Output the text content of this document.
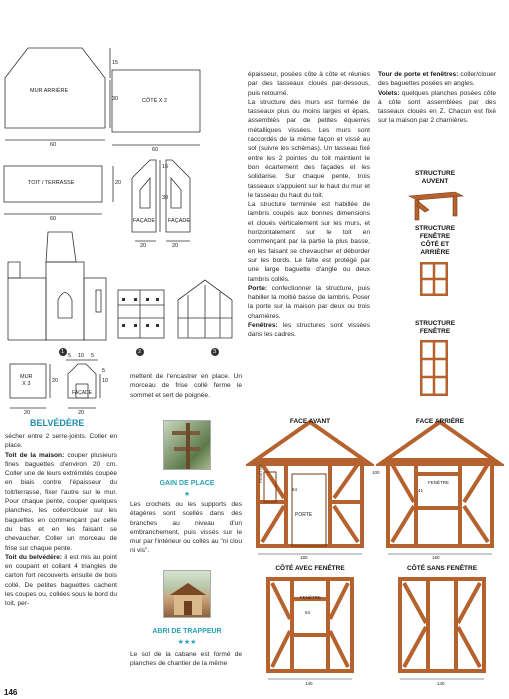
MUR ARRIÈRE
CÔTÉ X 2
TOIT / TERRASSE
FAÇADE FAÇADE
60
60
60
15
30
20
20	20
30
16
1	2	3
MUR
X 3
FAÇADE
20	20
20
5 10 5
5
10
BELVÉDÈRE

sécher entre 2 serre-joints. Coller en place.

Toit de la maison: couper plusieurs fines baguettes d'environ 20 cm. Coller une de leurs extrémités coupée en biais contre l'épaisseur du toit/terrasse, fixer l'autre sur le mur. Pour chaque pente, couper quelques planches, les coller/clouer sur les baguettes en commençant par celle du bas et en les faisant se chevaucher. Coller un morceau de frise sur chaque pente.

Toit du belvédère: il est mis au point en coupant et collant 4 triangles de carton fort recouverts ensuite de bois collé. De petites baguettes cachent les coupes ou, collées sous le bord du toit, per-

épaisseur, posées côte à côte et réunies par des tasseaux cloués par-dessous, puis retourné.

La structure des murs est formée de tasseaux plus ou moins larges et épais, assemblés par de petites équerres métalliques vissées. Les murs sont raccordés de la même façon et vissé au sol (suivre les schémas). Un tasseau fixé entre les 2 pointes du toit maintient le bon écartement des façades et les solidarise. Sur chaque pente, trois tasseaux s'appuient sur le haut du mur et le tasseau du haut du toit.

La structure terminée est habillée de lambris coupés aux bonnes dimensions et cloués verticalement sur les murs, et horizontalement sur le toit en commençant par la partie la plus basse, en les faisant se chevaucher et déborder sur les bords. Le faîte est protégé par une large baguette d'angle ou deux lambris collés.

Porte: confectionner la structure, puis habiller la moitié basse de lambris. Poser la porte sur la maison par deux ou trois charnières.

Fenêtres: les structures sont vissées dans les cadres.

mettent de l'encastrer en place. Un morceau de frise collé ferme le sommet et sert de poignée.
GAIN DE PLACE
★
Les crochets ou les supports des étagères sont scellés dans des branches au niveau d'un embranchement, puis vissés sur le mur par l'intérieur ou collés au "ni clou ni vis".
ABRI DE TRAPPEUR
★★★
Le sol de la cabane est formé de planches de chantier de la même

Tour de porte et fenêtres: coller/clouer des baguettes posées en angles.

Volets: quelques planches posées côte à côte sont assemblées par des tasseaux cloués en Z. Chacun est fixé sur la maison par 2 charnières.

STRUCTURE
AUVENT
STRUCTURE
FENÊTRE
CÔTÉ ET
ARRIÈRE
STRUCTURE
FENÊTRE
FACE AVANT
PORTE
FENÊTRE
160
100
64
FACE ARRIÈRE
FENÊTRE
160
41
CÔTÉ AVEC FENÊTRE
FENÊTRE
140
54
CÔTÉ SANS FENÊTRE
140
146
